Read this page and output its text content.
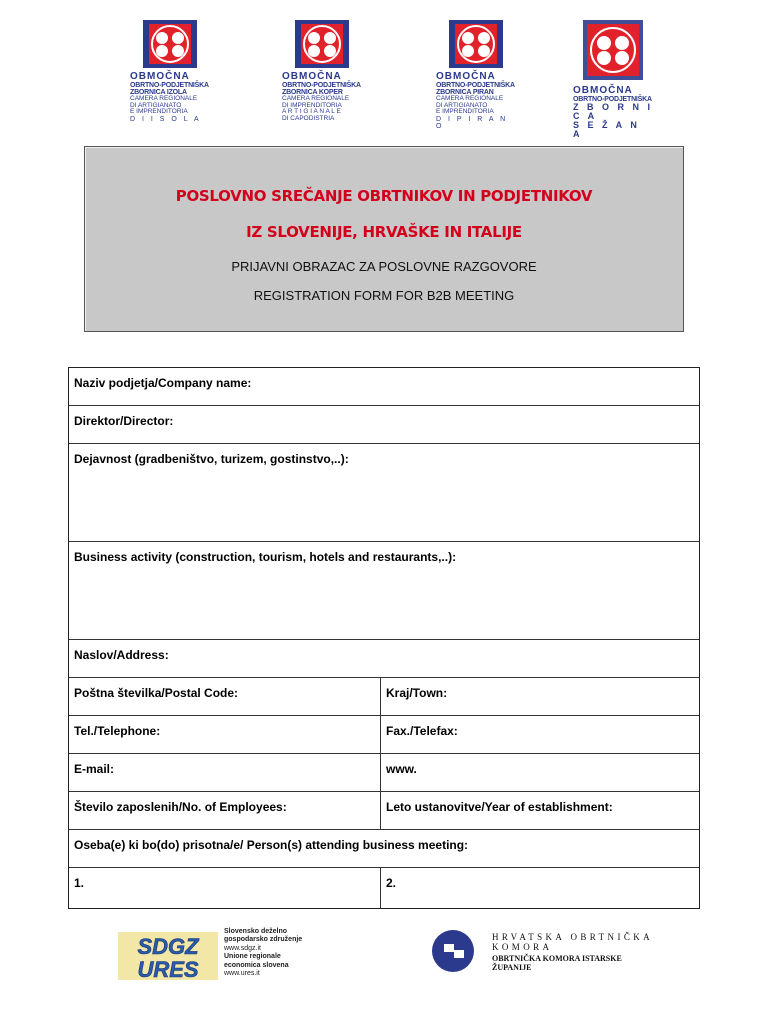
OBMOČNA
OBRTNO-PODJETNIŠKA
ZBORNICA IZOLA
CAMERA REGIONALE
DI ARTIGIANATO
E IMPRENDITORIA
D I I S O L A
OBMOČNA
OBRTNO-PODJETNIŠKA
ZBORNICA KOPER
CAMERA REGIONALE
DI IMPRENDITORIA
A R T I G I A N A L E
DI CAPODISTRIA
OBMOČNA
OBRTNO-PODJETNIŠKA
ZBORNICA PIRAN
CAMERA REGIONALE
DI ARTIGIANATO
E IMPRENDITORIA
D I P I R A N O
OBMOČNA
OBRTNO-PODJETNIŠKA
Z B O R N I C A
S E Ž A N A
POSLOVNO SREČANJE OBRTNIKOV IN PODJETNIKOV
IZ SLOVENIJE, HRVAŠKE IN ITALIJE
PRIJAVNI OBRAZAC ZA POSLOVNE RAZGOVORE
REGISTRATION FORM FOR B2B MEETING
Naziv podjetja/Company name:
Direktor/Director:
Dejavnost (gradbeništvo, turizem, gostinstvo,..):
Business activity (construction, tourism, hotels and restaurants,..):
Naslov/Address:
Poštna številka/Postal Code:	Kraj/Town:
Tel./Telephone:	Fax./Telefax:
E-mail:	www.
Število zaposlenih/No. of Employees:	Leto ustanovitve/Year of establishment:
Oseba(e) ki bo(do) prisotna/e/ Person(s) attending business meeting:
1.	2.
SDGZ
URES
Slovensko deželno
gospodarsko združenje
www.sdgz.it
Unione regionale
economica slovena
www.ures.it
HRVATSKA OBRTNIČKA
KOMORA
OBRTNIČKA KOMORA ISTARSKE
ŽUPANIJE
